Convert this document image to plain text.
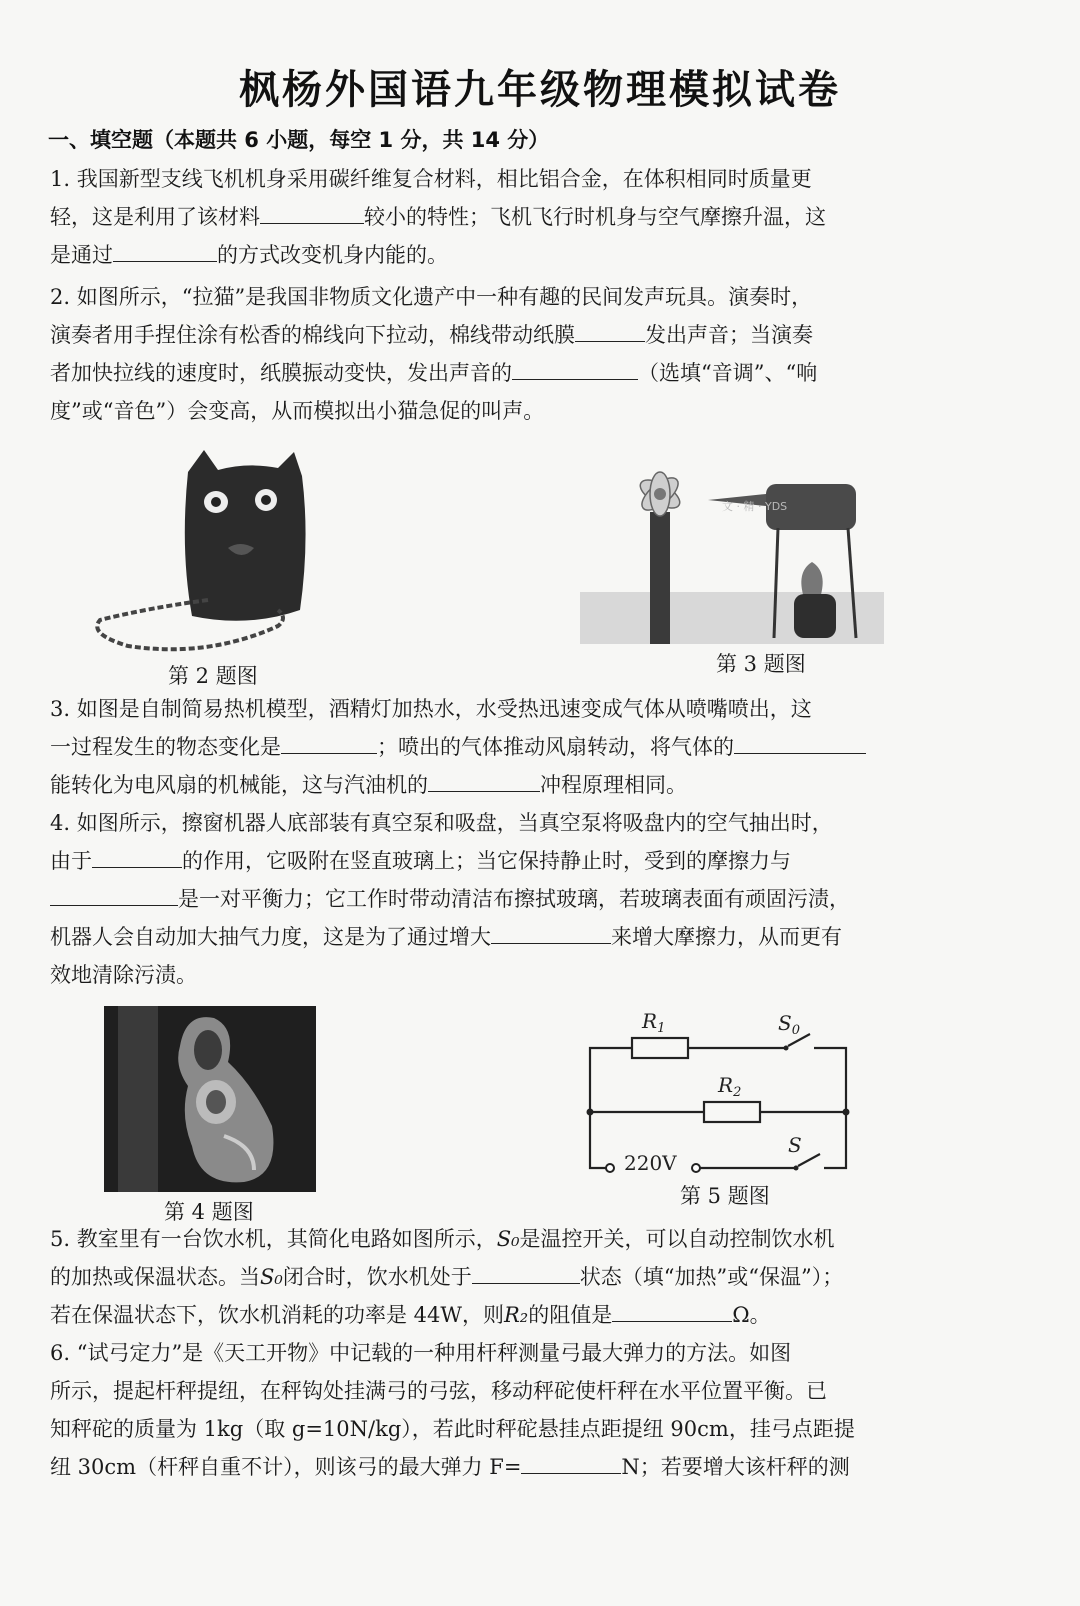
枫杨外国语九年级物理模拟试卷
一、填空题（本题共 6 小题，每空 1 分，共 14 分）
1. 我国新型支线飞机机身采用碳纤维复合材料，相比铝合金，在体积相同时质量更
轻，这是利用了该材料	较小的特性；飞机飞行时机身与空气摩擦升温，这
是通过	的方式改变机身内能的。
2. 如图所示，“拉猫”是我国非物质文化遗产中一种有趣的民间发声玩具。演奏时，
演奏者用手捏住涂有松香的棉线向下拉动，棉线带动纸膜	发出声音；当演奏
者加快拉线的速度时，纸膜振动变快，发出声音的	（选填“音调”、“响
度”或“音色”）会变高，从而模拟出小猫急促的叫声。
第 2 题图
文 · 精 · YDS
第 3 题图
3. 如图是自制简易热机模型，酒精灯加热水，水受热迅速变成气体从喷嘴喷出，这
一过程发生的物态变化是	；喷出的气体推动风扇转动，将气体的
能转化为电风扇的机械能，这与汽油机的	冲程原理相同。
4. 如图所示，擦窗机器人底部装有真空泵和吸盘，当真空泵将吸盘内的空气抽出时，
由于	的作用，它吸附在竖直玻璃上；当它保持静止时，受到的摩擦力与
是一对平衡力；它工作时带动清洁布擦拭玻璃，若玻璃表面有顽固污渍，
机器人会自动加大抽气力度，这是为了通过增大	来增大摩擦力，从而更有
效地清除污渍。
第 4 题图
$R_1$
$R_2$
$S_0$
S
220V
第 5 题图
5. 教室里有一台饮水机，其简化电路如图所示，S₀是温控开关，可以自动控制饮水机
的加热或保温状态。当S₀闭合时，饮水机处于	状态（填“加热”或“保温”）；
若在保温状态下，饮水机消耗的功率是 44W，则R₂的阻值是	Ω。
6. “试弓定力”是《天工开物》中记载的一种用杆秤测量弓最大弹力的方法。如图
所示，提起杆秤提纽，在秤钩处挂满弓的弓弦，移动秤砣使杆秤在水平位置平衡。已
知秤砣的质量为 1kg（取 g=10N/kg），若此时秤砣悬挂点距提纽 90cm，挂弓点距提
纽 30cm（杆秤自重不计），则该弓的最大弹力 F=	N；若要增大该杆秤的测
